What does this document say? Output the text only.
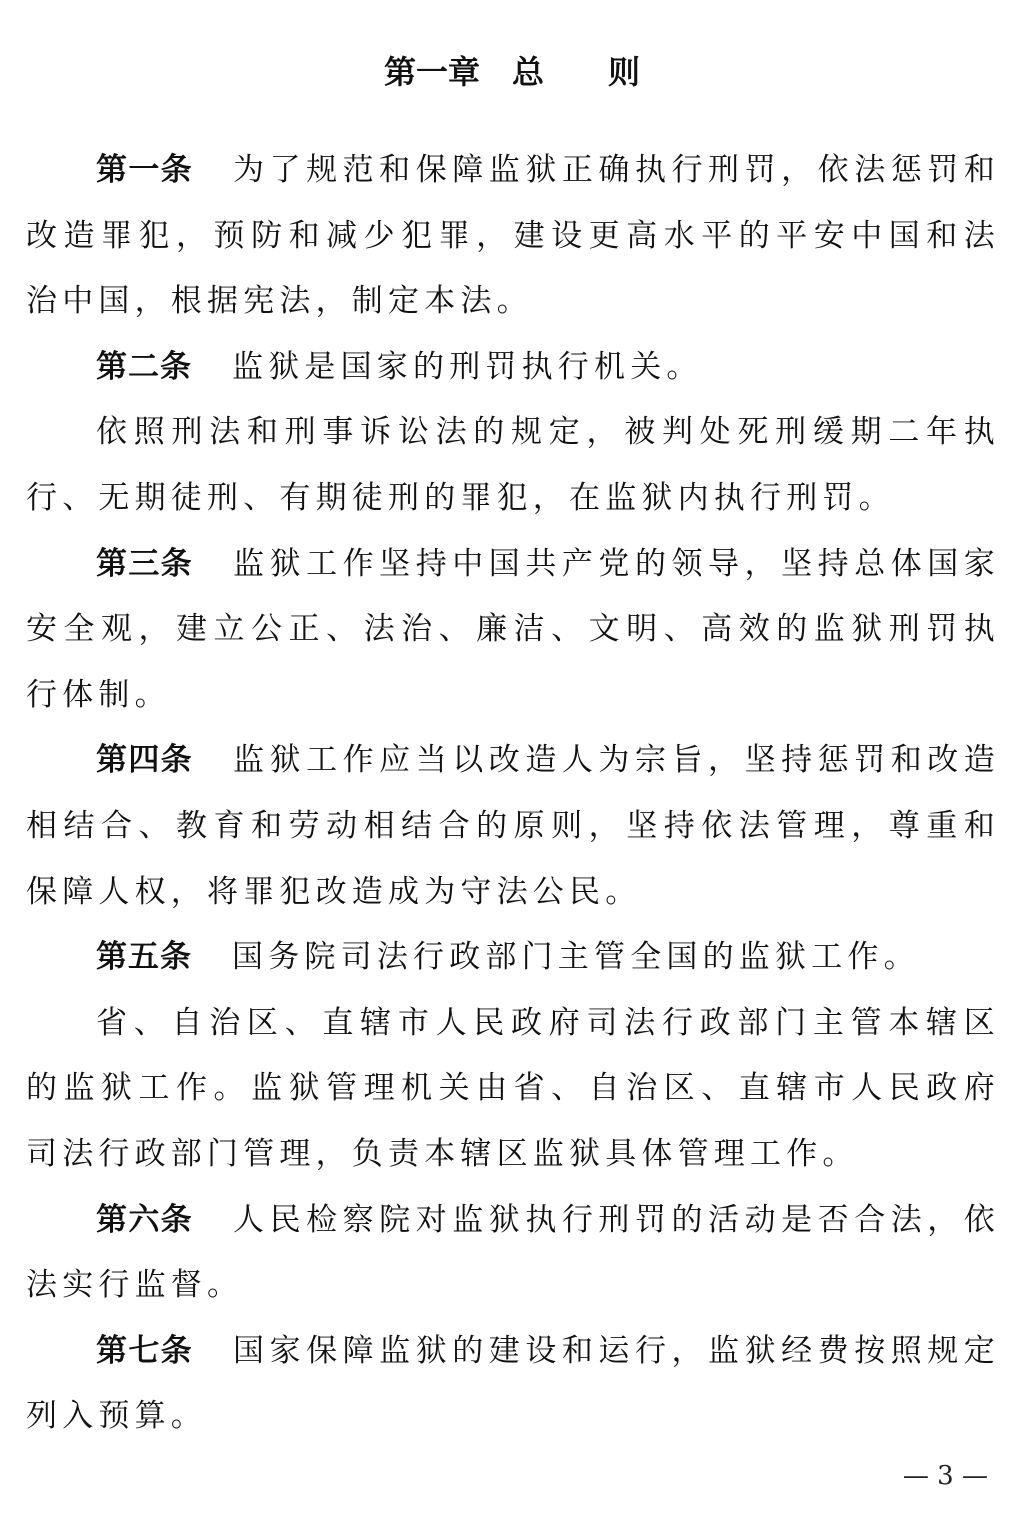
第一章　总　　则

第一条 为了规范和保障监狱正确执行刑罚，依法惩罚和改造罪犯，预防和减少犯罪，建设更高水平的平安中国和法治中国，根据宪法，制定本法。

第二条 监狱是国家的刑罚执行机关。

依照刑法和刑事诉讼法的规定，被判处死刑缓期二年执行、无期徒刑、有期徒刑的罪犯，在监狱内执行刑罚。

第三条 监狱工作坚持中国共产党的领导，坚持总体国家安全观，建立公正、法治、廉洁、文明、高效的监狱刑罚执行体制。

第四条 监狱工作应当以改造人为宗旨，坚持惩罚和改造相结合、教育和劳动相结合的原则，坚持依法管理，尊重和保障人权，将罪犯改造成为守法公民。

第五条 国务院司法行政部门主管全国的监狱工作。

省、自治区、直辖市人民政府司法行政部门主管本辖区的监狱工作。监狱管理机关由省、自治区、直辖市人民政府司法行政部门管理，负责本辖区监狱具体管理工作。

第六条 人民检察院对监狱执行刑罚的活动是否合法，依法实行监督。

第七条 国家保障监狱的建设和运行，监狱经费按照规定列入预算。

— 3 —
